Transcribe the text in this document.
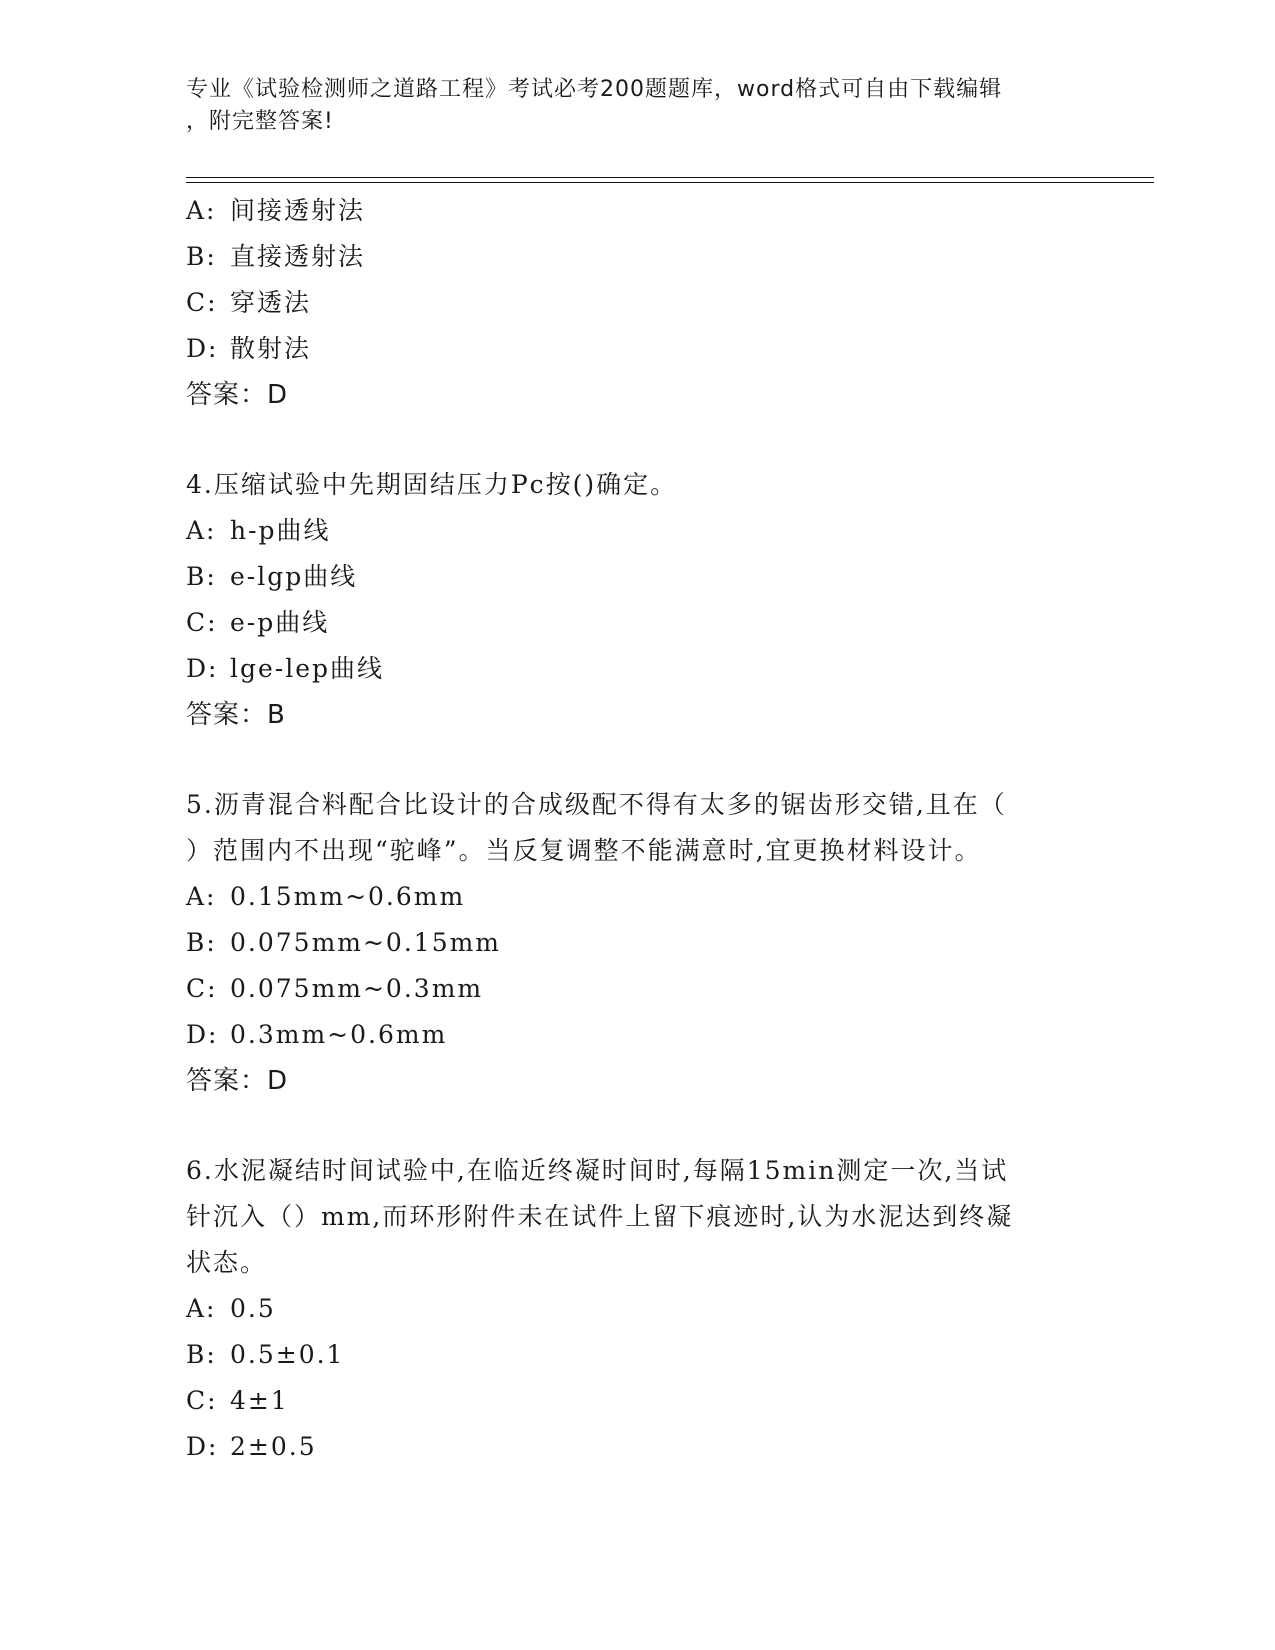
专业《试验检测师之道路工程》考试必考200题题库，word格式可自由下载编辑
，附完整答案!
A: 间接透射法
B: 直接透射法
C: 穿透法
D: 散射法
答案：D
4.压缩试验中先期固结压力Pc按()确定。
A: h-p曲线
B: e-lgp曲线
C: e-p曲线
D: lge-lep曲线
答案：B
5.沥青混合料配合比设计的合成级配不得有太多的锯齿形交错,且在（
）范围内不出现“驼峰”。当反复调整不能满意时,宜更换材料设计。
A: 0.15mm~0.6mm
B: 0.075mm~0.15mm
C: 0.075mm~0.3mm
D: 0.3mm~0.6mm
答案：D
6.水泥凝结时间试验中,在临近终凝时间时,每隔15min测定一次,当试
针沉入（）mm,而环形附件未在试件上留下痕迹时,认为水泥达到终凝
状态。
A: 0.5
B: 0.5±0.1
C: 4±1
D: 2±0.5
